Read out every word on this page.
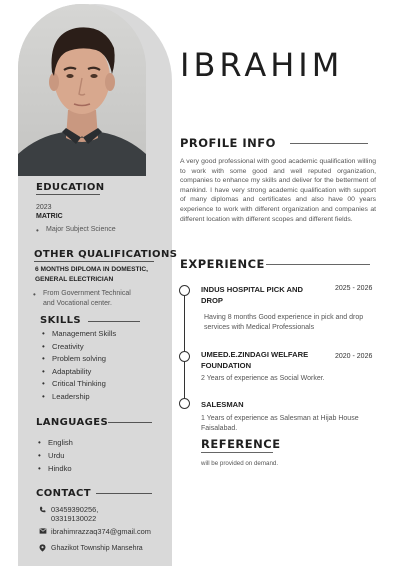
EDUCATION
2023
MATRIC
• Major Subject Science
OTHER QUALIFICATIONS
6 MONTHS DIPLOMA IN DOMESTIC,
GENERAL ELECTRICIAN
• From Government Technical
and Vocational center.
SKILLS
• Management Skills
• Creativity
• Problem solving
• Adaptability
• Critical Thinking
• Leadership
LANGUAGES
• English
• Urdu
• Hindko
CONTACT
03459390256,
03319130022
ibrahimrazzaq374@gmail.com
Ghazikot Township Mansehra
IBRAHIM
PROFILE INFO
A very good professional with good academic qualification willing to work with some good and well reputed organization, companies to enhance my skills and deliver for the betterment of mankind. I have very strong academic qualification with support of many diplomas and certificates and also have 00 years experience to work with different organization and companies at different location with different scopes and different fields.
EXPERIENCE
INDUS HOSPITAL PICK AND DROP
2025 - 2026
Having 8 months Good experience in pick and drop services with Medical Professionals
UMEED.E.ZINDAGI WELFARE FOUNDATION
2020 - 2026
2 Years of experience as Social Worker.
SALESMAN
1 Years of experience as Salesman at Hijab House Faisalabad.
REFERENCE
will be provided on demand.
